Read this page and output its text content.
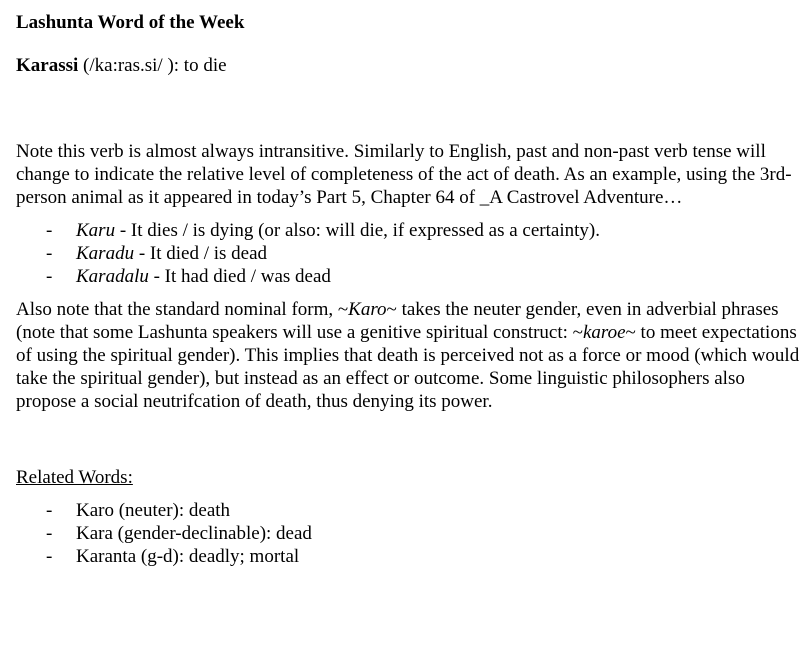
Lashunta Word of the Week

Karassi (/ka:ras.si/ ): to die

Note this verb is almost always intransitive. Similarly to English, past and non-past verb tense will change to indicate the relative level of completeness of the act of death. As an example, using the 3rd-person animal as it appeared in today’s Part 5, Chapter 64 of _A Castrovel Adventure…

- Karu - It dies / is dying (or also: will die, if expressed as a certainty).
- Karadu - It died / is dead
- Karadalu - It had died / was dead

Also note that the standard nominal form, ~Karo~ takes the neuter gender, even in adverbial phrases (note that some Lashunta speakers will use a genitive spiritual construct: ~karoe~ to meet expectations of using the spiritual gender). This implies that death is perceived not as a force or mood (which would take the spiritual gender), but instead as an effect or outcome. Some linguistic philosophers also propose a social neutrifcation of death, thus denying its power.

Related Words:

- Karo (neuter): death
- Kara (gender-declinable): dead
- Karanta (g-d): deadly; mortal
